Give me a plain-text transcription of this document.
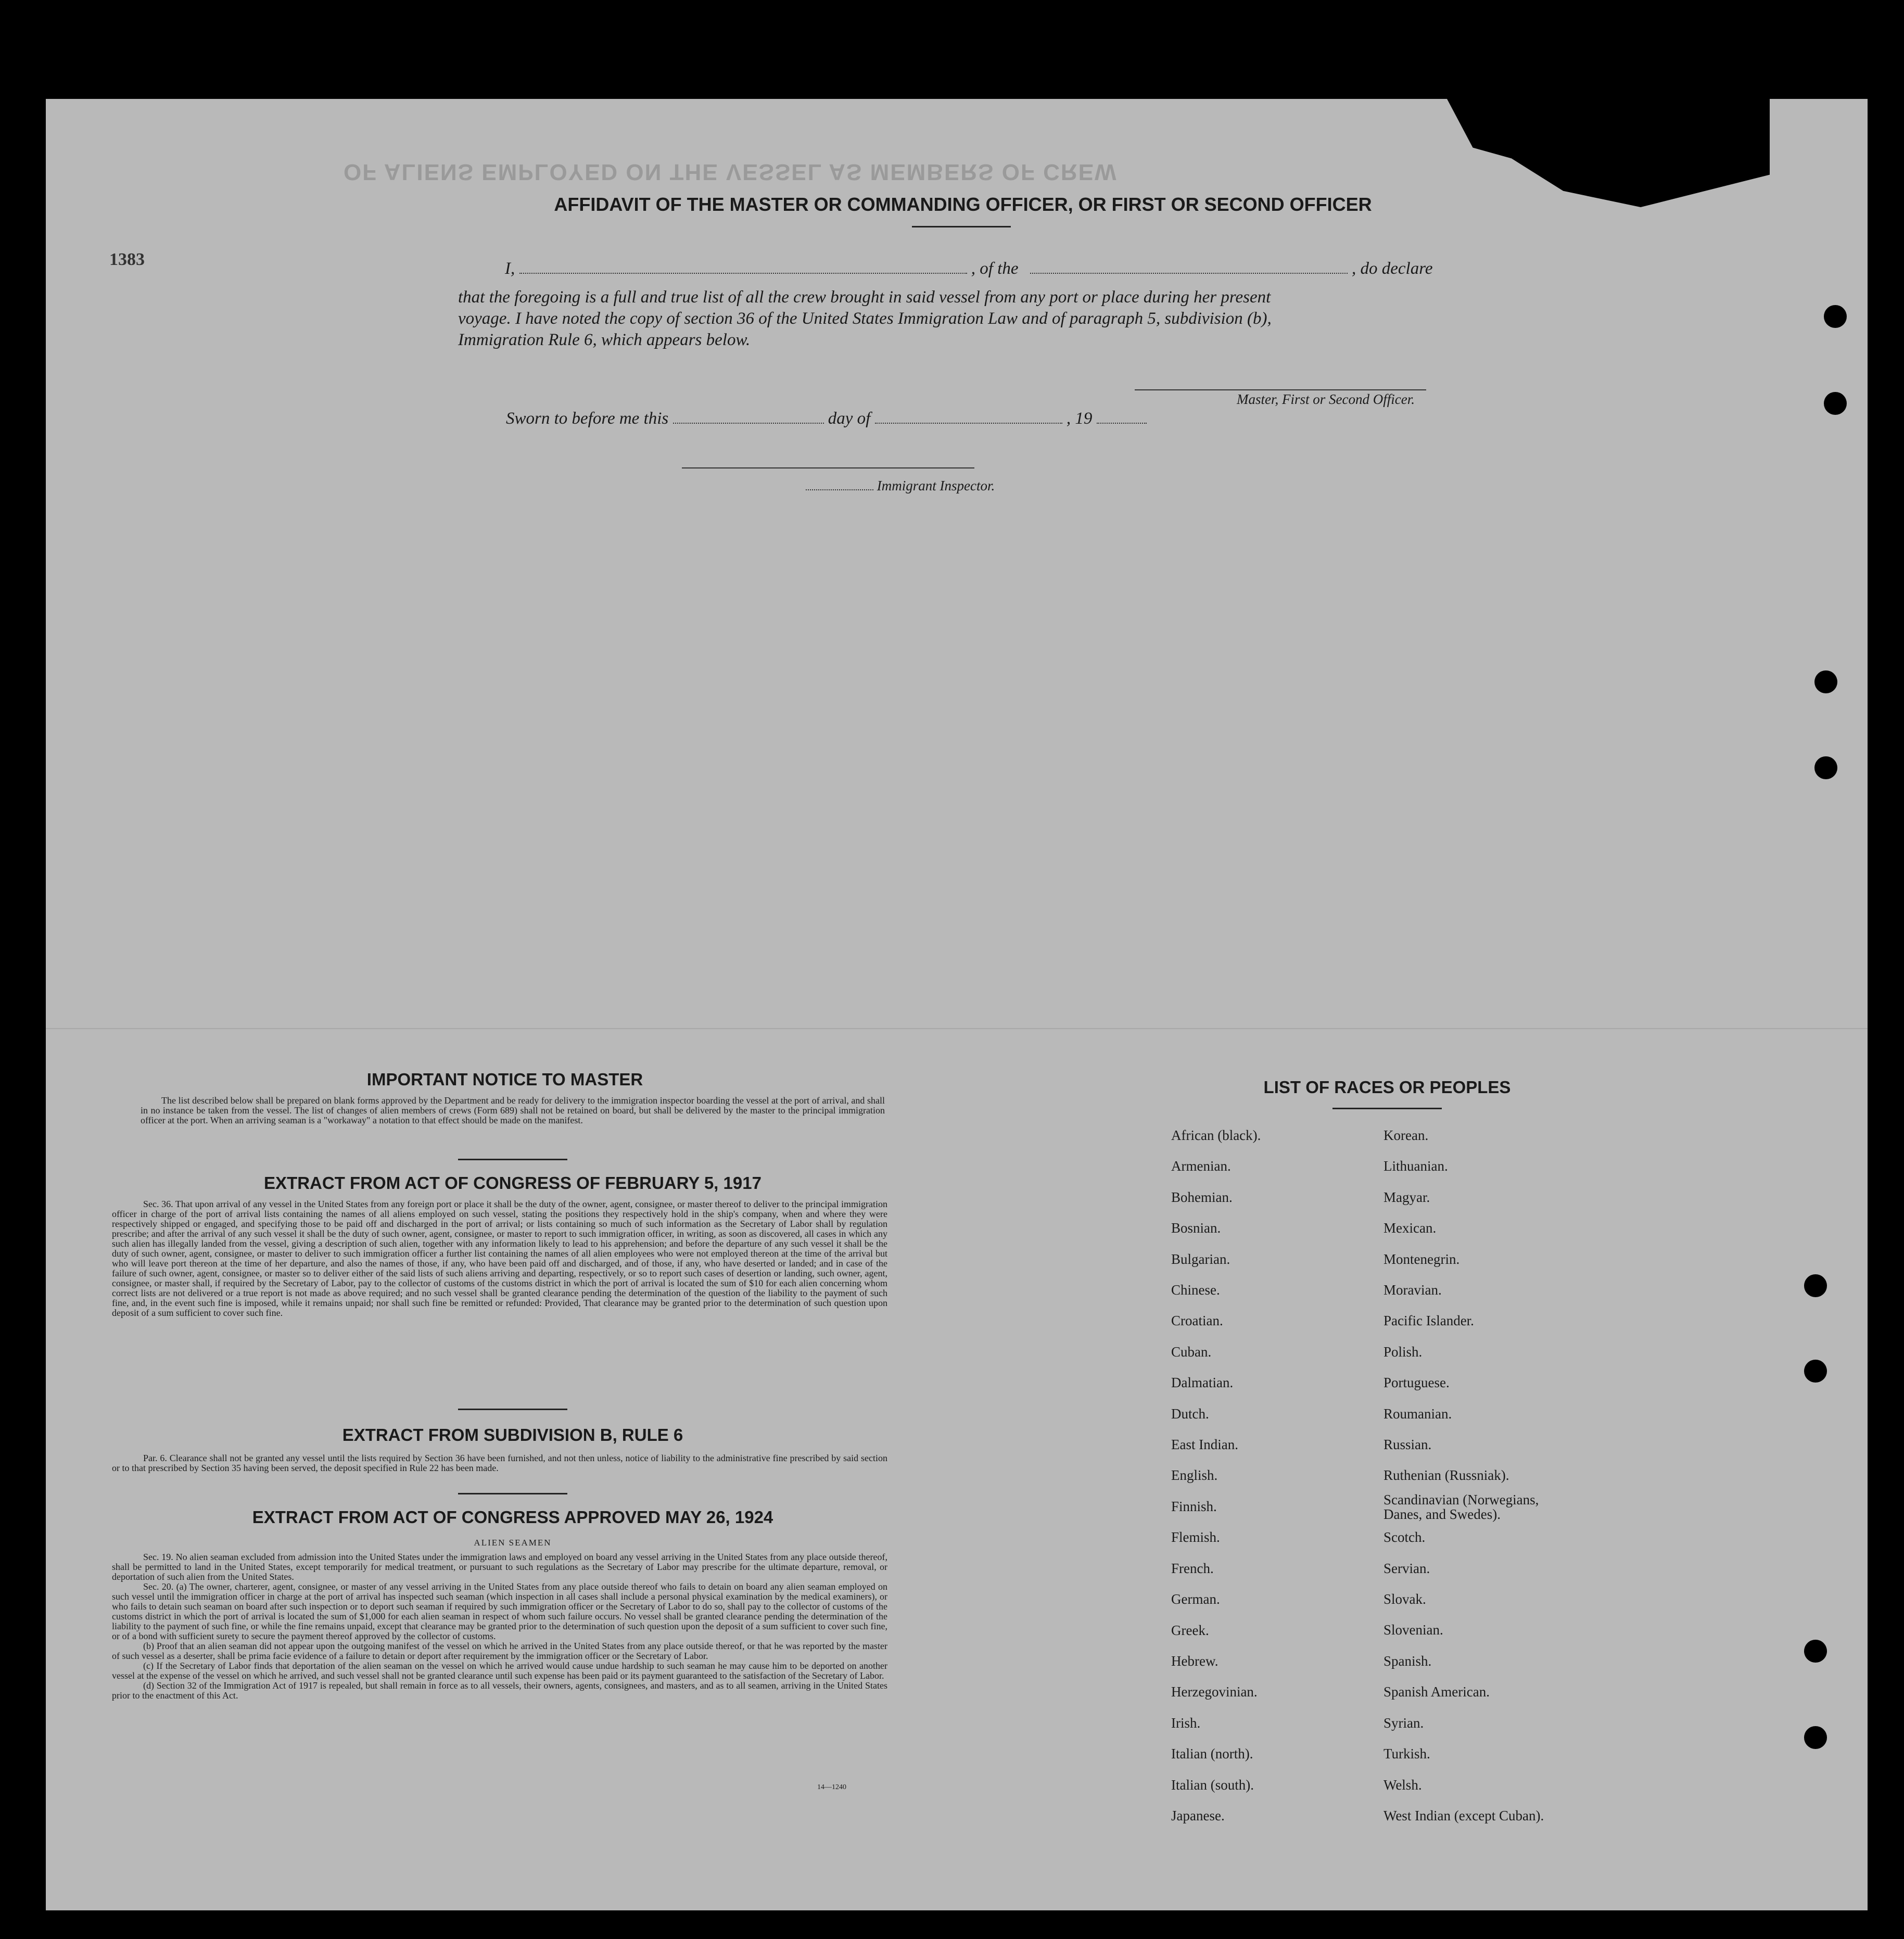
OF ALIENS EMPLOYED ON THE VESSEL AS MEMBERS OF CREW
1383
AFFIDAVIT OF THE MASTER OR COMMANDING OFFICER, OR FIRST OR SECOND OFFICER
I,	, of the	, do declare
that the foregoing is a full and true list of all the crew brought in said vessel from any port or place during her present
voyage. I have noted the copy of section 36 of the United States Immigration Law and of paragraph 5, subdivision (b),
Immigration Rule 6, which appears below.
Master, First or Second Officer.
Sworn to before me this	day of	, 19
Immigrant Inspector.
IMPORTANT NOTICE TO MASTER

The list described below shall be prepared on blank forms approved by the Department and be ready for delivery to the immigration inspector boarding the vessel at the port of arrival, and shall in no instance be taken from the vessel. The list of changes of alien members of crews (Form 689) shall not be retained on board, but shall be delivered by the master to the principal immigration officer at the port. When an arriving seaman is a "workaway" a notation to that effect should be made on the manifest.

EXTRACT FROM ACT OF CONGRESS OF FEBRUARY 5, 1917

Sec. 36. That upon arrival of any vessel in the United States from any foreign port or place it shall be the duty of the owner, agent, consignee, or master thereof to deliver to the principal immigration officer in charge of the port of arrival lists containing the names of all aliens employed on such vessel, stating the positions they respectively hold in the ship's company, when and where they were respectively shipped or engaged, and specifying those to be paid off and discharged in the port of arrival; or lists containing so much of such information as the Secretary of Labor shall by regulation prescribe; and after the arrival of any such vessel it shall be the duty of such owner, agent, consignee, or master to report to such immigration officer, in writing, as soon as discovered, all cases in which any such alien has illegally landed from the vessel, giving a description of such alien, together with any information likely to lead to his apprehension; and before the departure of any such vessel it shall be the duty of such owner, agent, consignee, or master to deliver to such immigration officer a further list containing the names of all alien employees who were not employed thereon at the time of the arrival but who will leave port thereon at the time of her departure, and also the names of those, if any, who have been paid off and discharged, and of those, if any, who have deserted or landed; and in case of the failure of such owner, agent, consignee, or master so to deliver either of the said lists of such aliens arriving and departing, respectively, or so to report such cases of desertion or landing, such owner, agent, consignee, or master shall, if required by the Secretary of Labor, pay to the collector of customs of the customs district in which the port of arrival is located the sum of $10 for each alien concerning whom correct lists are not delivered or a true report is not made as above required; and no such vessel shall be granted clearance pending the determination of the question of the liability to the payment of such fine, and, in the event such fine is imposed, while it remains unpaid; nor shall such fine be remitted or refunded: Provided, That clearance may be granted prior to the determination of such question upon deposit of a sum sufficient to cover such fine.

EXTRACT FROM SUBDIVISION B, RULE 6

Par. 6. Clearance shall not be granted any vessel until the lists required by Section 36 have been furnished, and not then unless, notice of liability to the administrative fine prescribed by said section or to that prescribed by Section 35 having been served, the deposit specified in Rule 22 has been made.

EXTRACT FROM ACT OF CONGRESS APPROVED MAY 26, 1924
ALIEN SEAMEN

Sec. 19. No alien seaman excluded from admission into the United States under the immigration laws and employed on board any vessel arriving in the United States from any place outside thereof, shall be permitted to land in the United States, except temporarily for medical treatment, or pursuant to such regulations as the Secretary of Labor may prescribe for the ultimate departure, removal, or deportation of such alien from the United States.

Sec. 20. (a) The owner, charterer, agent, consignee, or master of any vessel arriving in the United States from any place outside thereof who fails to detain on board any alien seaman employed on such vessel until the immigration officer in charge at the port of arrival has inspected such seaman (which inspection in all cases shall include a personal physical examination by the medical examiners), or who fails to detain such seaman on board after such inspection or to deport such seaman if required by such immigration officer or the Secretary of Labor to do so, shall pay to the collector of customs of the customs district in which the port of arrival is located the sum of $1,000 for each alien seaman in respect of whom such failure occurs. No vessel shall be granted clearance pending the determination of the liability to the payment of such fine, or while the fine remains unpaid, except that clearance may be granted prior to the determination of such question upon the deposit of a sum sufficient to cover such fine, or of a bond with sufficient surety to secure the payment thereof approved by the collector of customs.

(b) Proof that an alien seaman did not appear upon the outgoing manifest of the vessel on which he arrived in the United States from any place outside thereof, or that he was reported by the master of such vessel as a deserter, shall be prima facie evidence of a failure to detain or deport after requirement by the immigration officer or the Secretary of Labor.

(c) If the Secretary of Labor finds that deportation of the alien seaman on the vessel on which he arrived would cause undue hardship to such seaman he may cause him to be deported on another vessel at the expense of the vessel on which he arrived, and such vessel shall not be granted clearance until such expense has been paid or its payment guaranteed to the satisfaction of the Secretary of Labor.

(d) Section 32 of the Immigration Act of 1917 is repealed, but shall remain in force as to all vessels, their owners, agents, consignees, and masters, and as to all seamen, arriving in the United States prior to the enactment of this Act.

14—1240
LIST OF RACES OR PEOPLES
African (black).
Armenian.
Bohemian.
Bosnian.
Bulgarian.
Chinese.
Croatian.
Cuban.
Dalmatian.
Dutch.
East Indian.
English.
Finnish.
Flemish.
French.
German.
Greek.
Hebrew.
Herzegovinian.
Irish.
Italian (north).
Italian (south).
Japanese.
Korean.
Lithuanian.
Magyar.
Mexican.
Montenegrin.
Moravian.
Pacific Islander.
Polish.
Portuguese.
Roumanian.
Russian.
Ruthenian (Russniak).
Scandinavian (Norwegians, Danes, and Swedes).
Scotch.
Servian.
Slovak.
Slovenian.
Spanish.
Spanish American.
Syrian.
Turkish.
Welsh.
West Indian (except Cuban).
